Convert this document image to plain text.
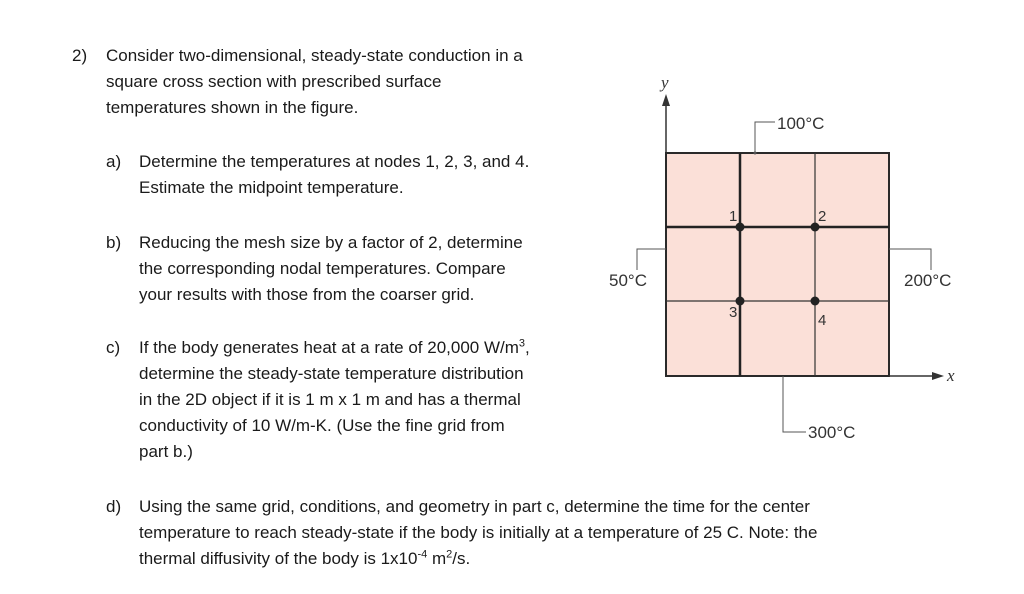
2) Consider two-dimensional, steady-state conduction in a
square cross section with prescribed surface
temperatures shown in the figure.
a) Determine the temperatures at nodes 1, 2, 3, and 4.
Estimate the midpoint temperature.
b) Reducing the mesh size by a factor of 2, determine
the corresponding nodal temperatures. Compare
your results with those from the coarser grid.
c) If the body generates heat at a rate of 20,000 $W/m^3$,
determine the steady-state temperature distribution
in the 2D object if it is 1 m x 1 m and has a thermal
conductivity of 10 W/m-K. (Use the fine grid from
part b.)
d) Using the same grid, conditions, and geometry in part c, determine the time for the center
temperature to reach steady-state if the body is initially at a temperature of 25 C. Note: the
thermal diffusivity of the body is $1x10^{-4}$ $m^2/s$.
y
1	2
3	4
100°C
50°C	200°C
300°C
x
